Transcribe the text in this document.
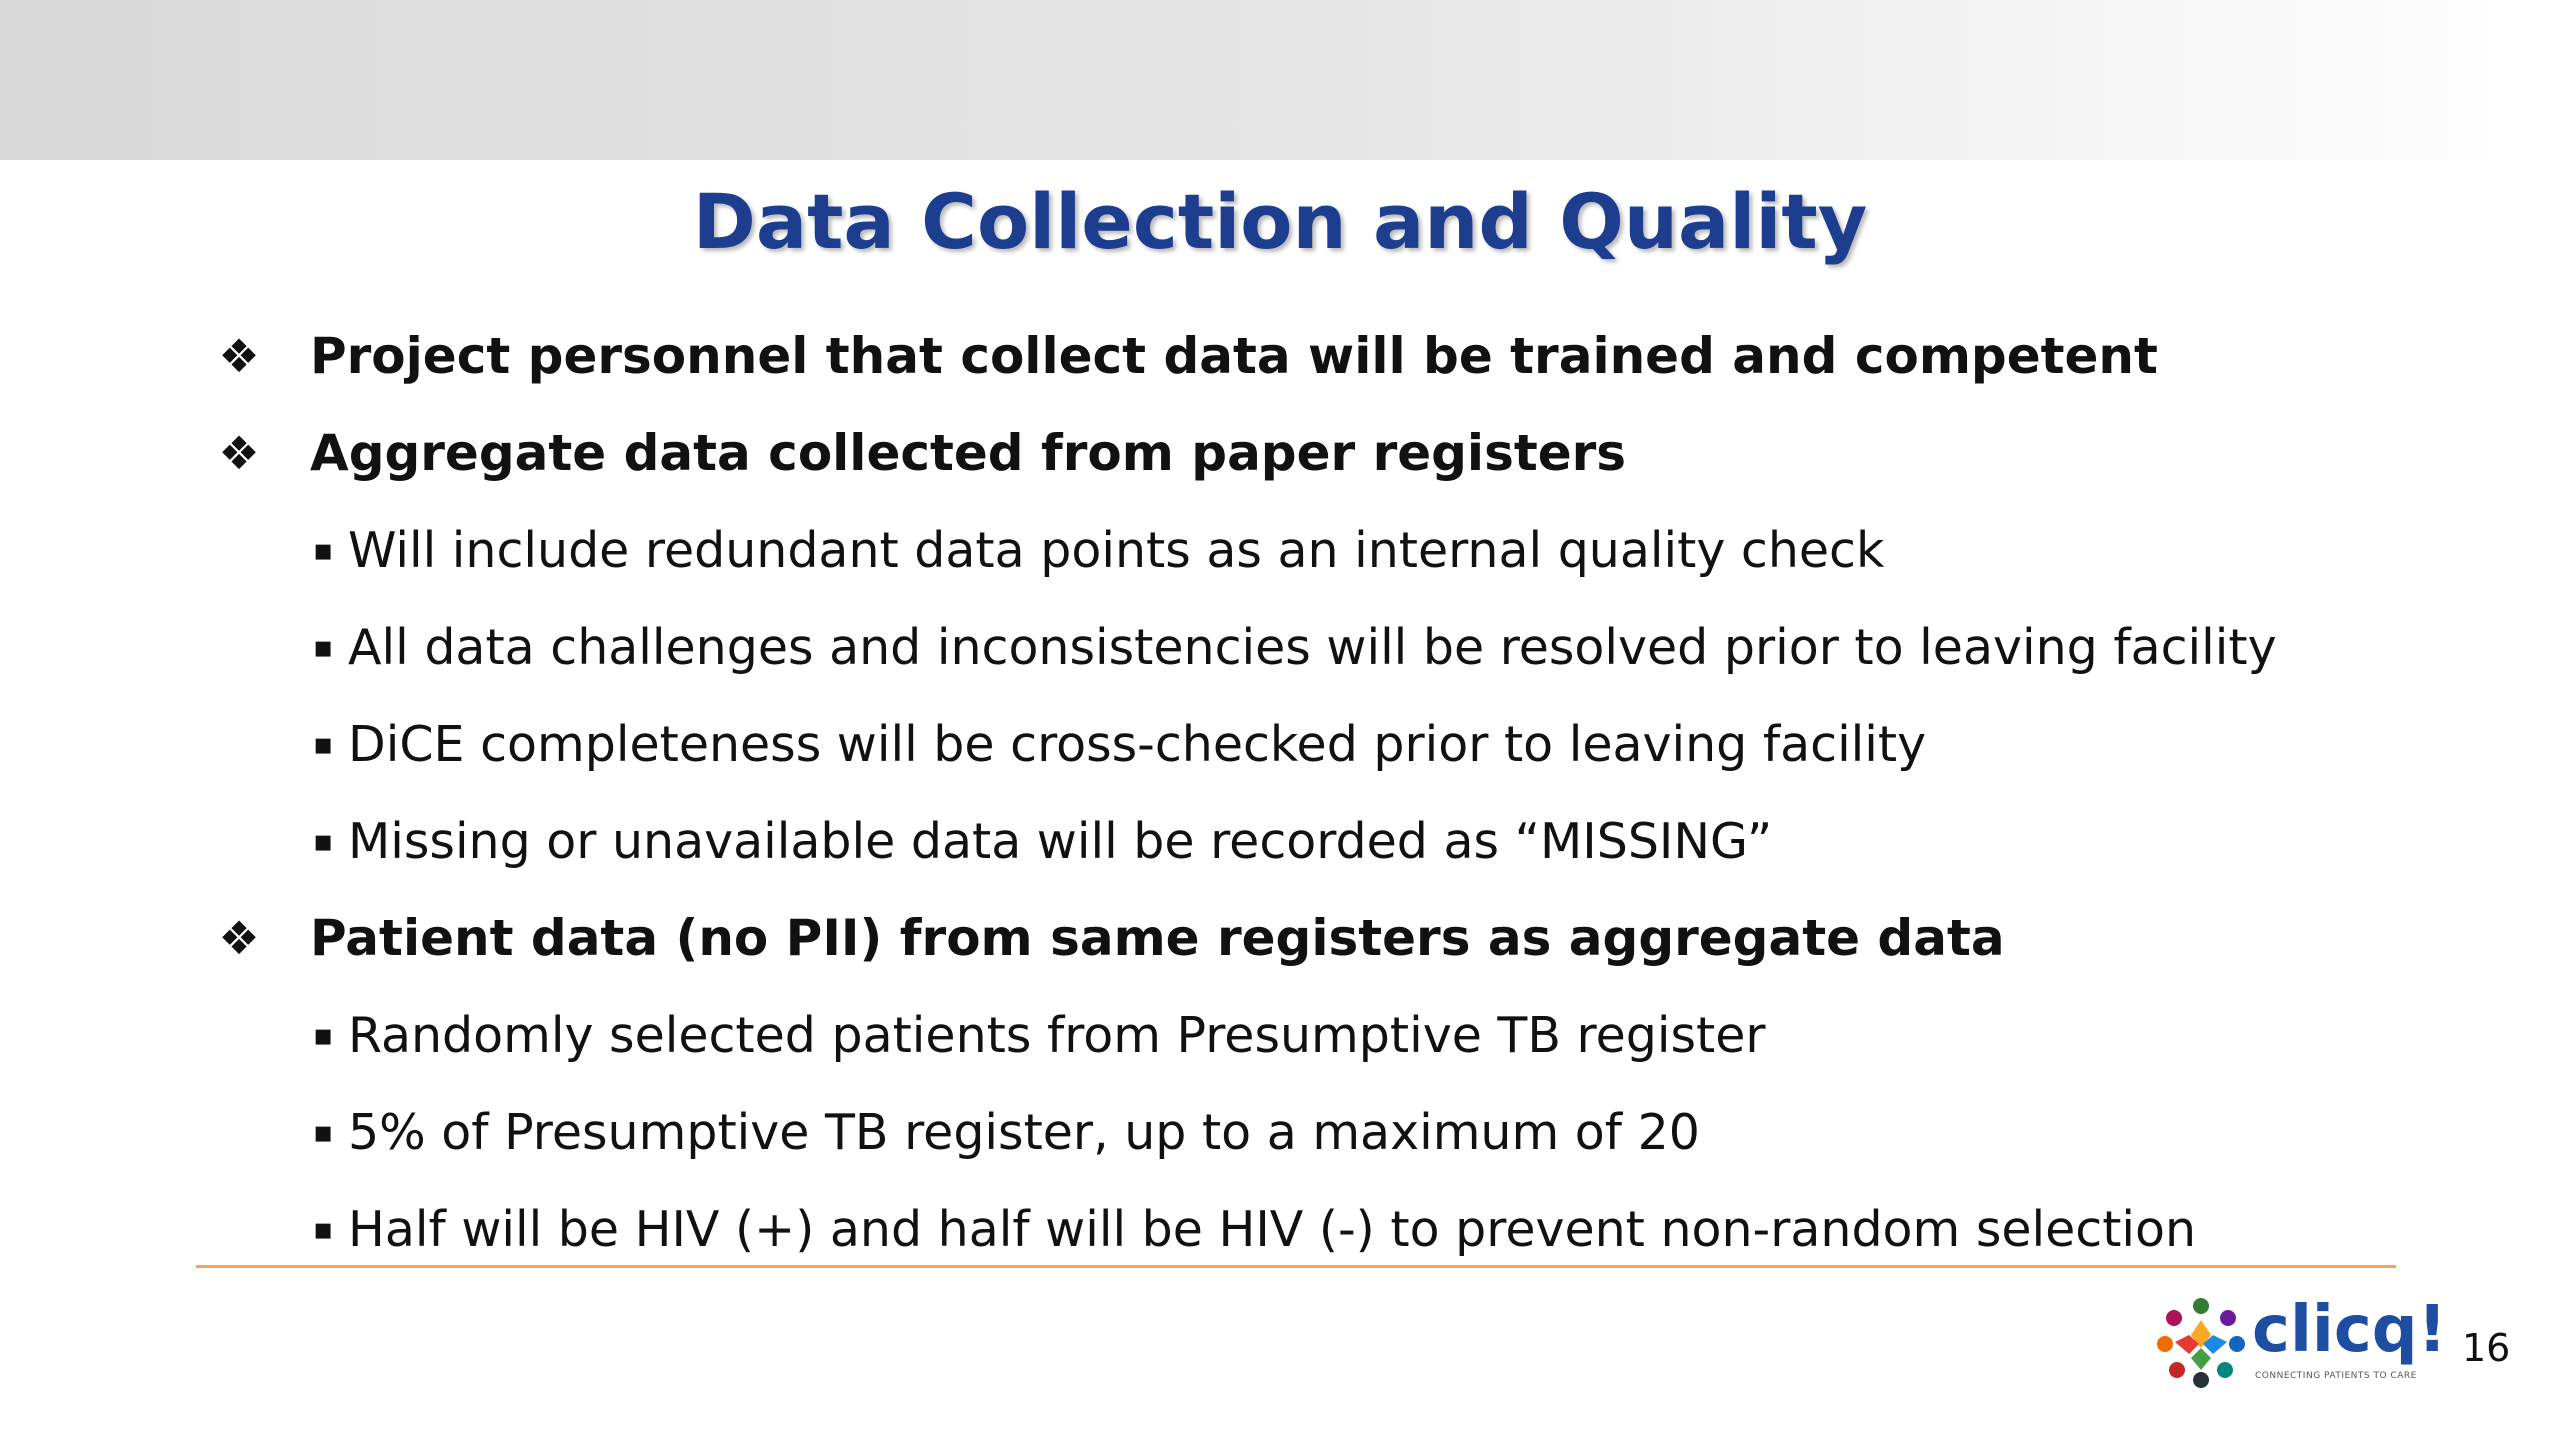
Data Collection and Quality
❖ Project personnel that collect data will be trained and competent
❖ Aggregate data collected from paper registers
▪ Will include redundant data points as an internal quality check
▪ All data challenges and inconsistencies will be resolved prior to leaving facility
▪ DiCE completeness will be cross-checked prior to leaving facility
▪ Missing or unavailable data will be recorded as “MISSING”
❖ Patient data (no PII) from same registers as aggregate data
▪ Randomly selected patients from Presumptive TB register
▪ 5% of Presumptive TB register, up to a maximum of 20
▪ Half will be HIV (+) and half will be HIV (-) to prevent non-random selection
clicq!
CONNECTING PATIENTS TO CARE
16
